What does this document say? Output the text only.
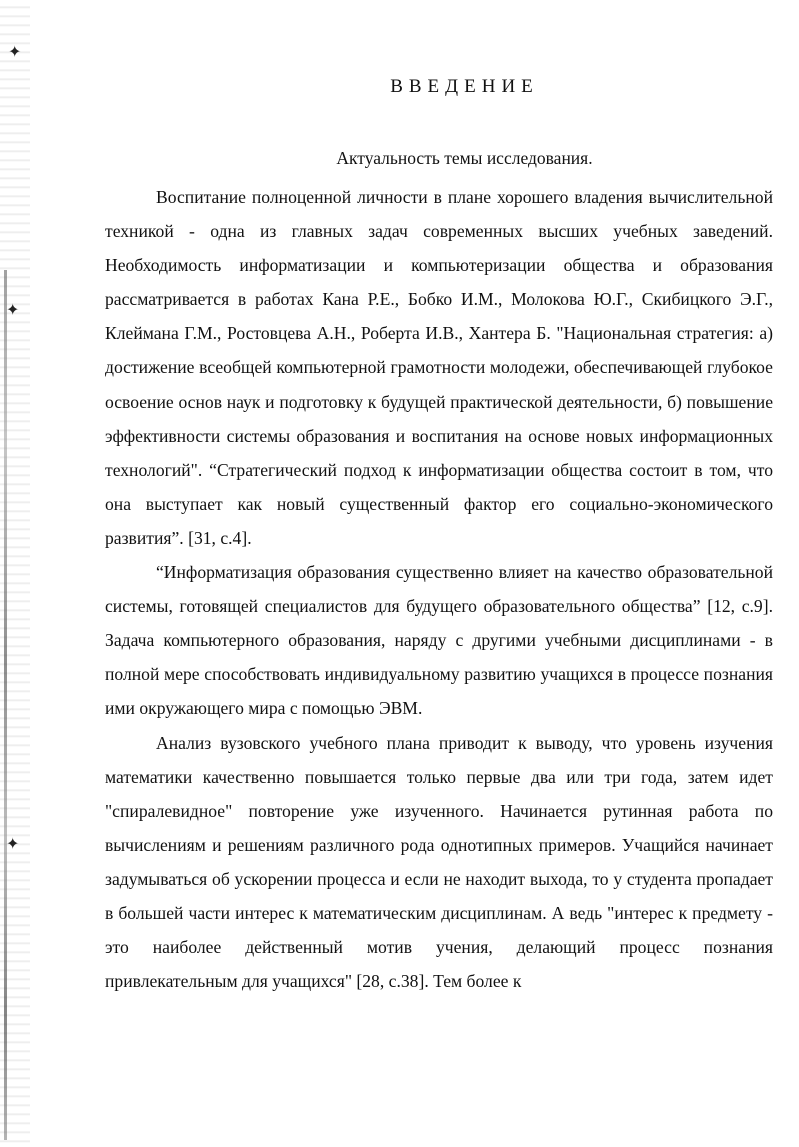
✦
✦
✦
ВВЕДЕНИЕ
Актуальность темы исследования.

Воспитание полноценной личности в плане хорошего владения вычислительной техникой - одна из главных задач современных высших учебных заведений. Необходимость информатизации и компьютеризации общества и образования рассматривается в работах Кана Р.Е., Бобко И.М., Молокова Ю.Г., Скибицкого Э.Г., Клеймана Г.М., Ростовцева А.Н., Роберта И.В., Хантера Б. "Национальная стратегия: а) достижение всеобщей компьютерной грамотности молодежи, обеспечивающей глубокое освоение основ наук и подготовку к будущей практической деятельности, б) повышение эффективности системы образования и воспитания на основе новых информационных технологий". “Стратегический подход к информатизации общества состоит в том, что она выступает как новый существенный фактор его социально-экономического развития”. [31, с.4].

“Информатизация образования существенно влияет на качество образовательной системы, готовящей специалистов для будущего образовательного общества” [12, с.9]. Задача компьютерного образования, наряду с другими учебными дисциплинами - в полной мере способствовать индивидуальному развитию учащихся в процессе познания ими окружающего мира с помощью ЭВМ.

Анализ вузовского учебного плана приводит к выводу, что уровень изучения математики качественно повышается только первые два или три года, затем идет "спиралевидное" повторение уже изученного. Начинается рутинная работа по вычислениям и решениям различного рода однотипных примеров. Учащийся начинает задумываться об ускорении процесса и если не находит выхода, то у студента пропадает в большей части интерес к математическим дисциплинам. А ведь "интерес к предмету - это наиболее действенный мотив учения, делающий процесс познания привлекательным для учащихся" [28, с.38]. Тем более к
